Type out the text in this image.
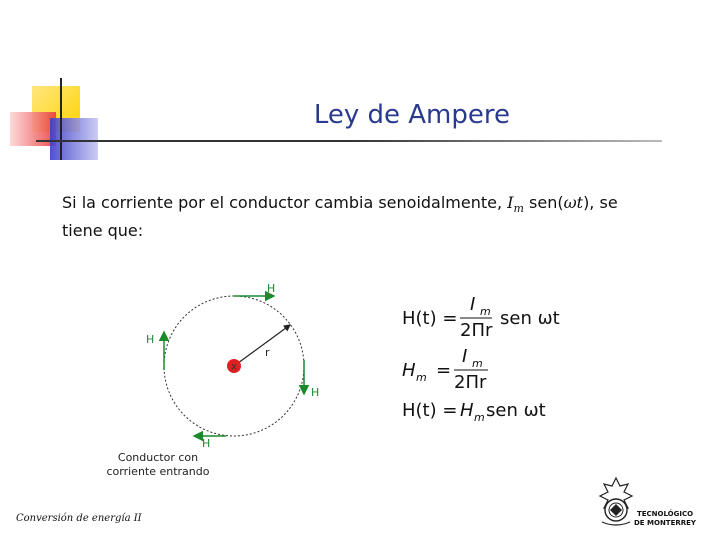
Ley de Ampere
Si la corriente por el conductor cambia senoidalmente, $I_m$ sen(ωt), se
tiene que:
x
r
H
H
H
H
Conductor con
corriente entrando
H(t) =
I m
2Πr
sen ωt
H m =
I m
2Πr
H(t) = H m sen ωt
Conversión de energía II	TECNOLÓGICO
DE MONTERREY
